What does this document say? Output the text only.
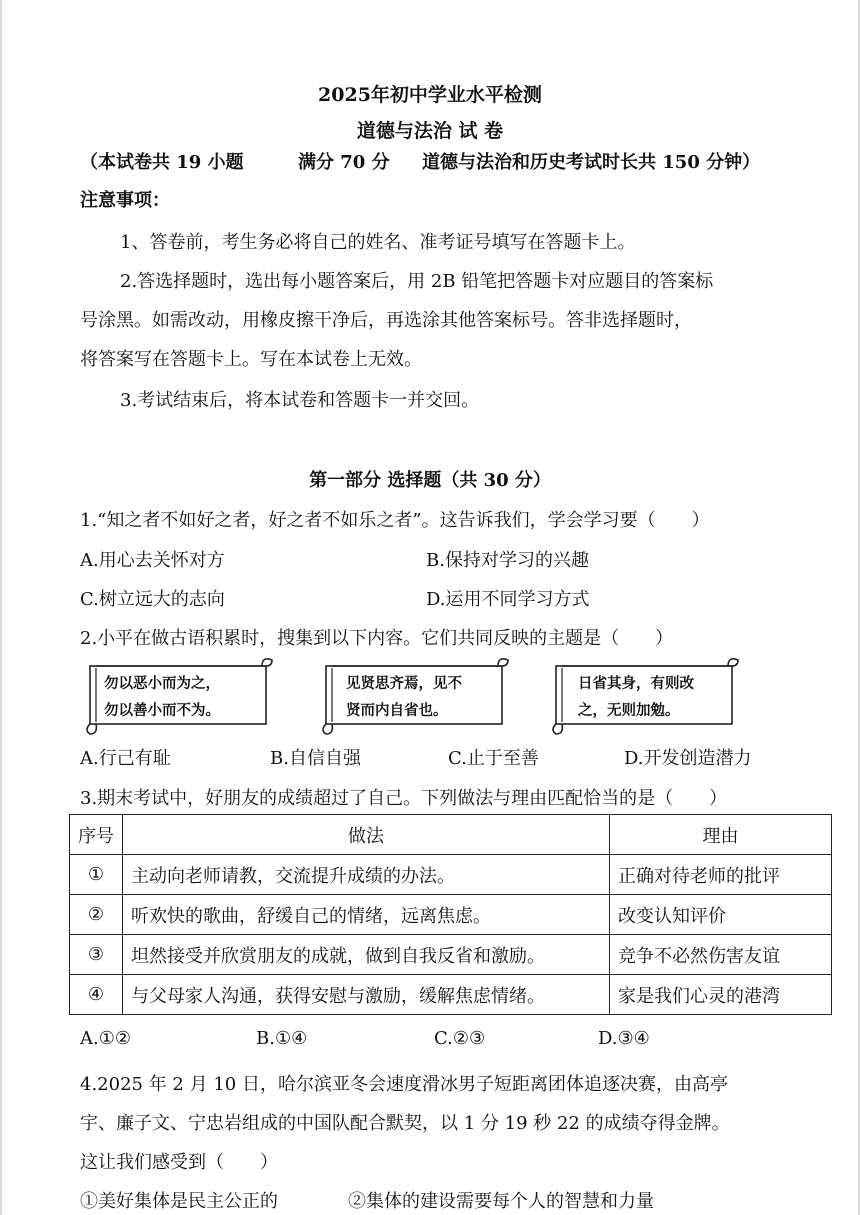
2025年初中学业水平检测
道德与法治 试 卷
（本试卷共 19 小题	满分 70 分 道德与法治和历史考试时长共 150 分钟）
注意事项：
1、答卷前，考生务必将自己的姓名、准考证号填写在答题卡上。
2.答选择题时，选出每小题答案后，用 2B 铅笔把答题卡对应题目的答案标
号涂黑。如需改动，用橡皮擦干净后，再选涂其他答案标号。答非选择题时，
将答案写在答题卡上。写在本试卷上无效。
3.考试结束后，将本试卷和答题卡一并交回。
第一部分 选择题（共 30 分）
1.“知之者不如好之者，好之者不如乐之者”。这告诉我们，学会学习要（　　）
A.用心去关怀对方	B.保持对学习的兴趣
C.树立远大的志向	D.运用不同学习方式
2.小平在做古语积累时，搜集到以下内容。它们共同反映的主题是（　　）
勿以恶小而为之，
勿以善小而不为。
见贤思齐焉，见不
贤而内自省也。
日省其身，有则改
之，无则加勉。
A.行己有耻	B.自信自强	C.止于至善	D.开发创造潜力
3.期末考试中，好朋友的成绩超过了自己。下列做法与理由匹配恰当的是（　　）
序号	做法	理由
①	主动向老师请教，交流提升成绩的办法。	正确对待老师的批评
②	听欢快的歌曲，舒缓自己的情绪，远离焦虑。	改变认知评价
③	坦然接受并欣赏朋友的成就，做到自我反省和激励。	竞争不必然伤害友谊
④	与父母家人沟通，获得安慰与激励，缓解焦虑情绪。	家是我们心灵的港湾
A.①②	B.①④	C.②③	D.③④
4.2025 年 2 月 10 日，哈尔滨亚冬会速度滑冰男子短距离团体追逐决赛，由高亭
宇、廉子文、宁忠岩组成的中国队配合默契，以 1 分 19 秒 22 的成绩夺得金牌。
这让我们感受到（　　）
①美好集体是民主公正的	②集体的建设需要每个人的智慧和力量
